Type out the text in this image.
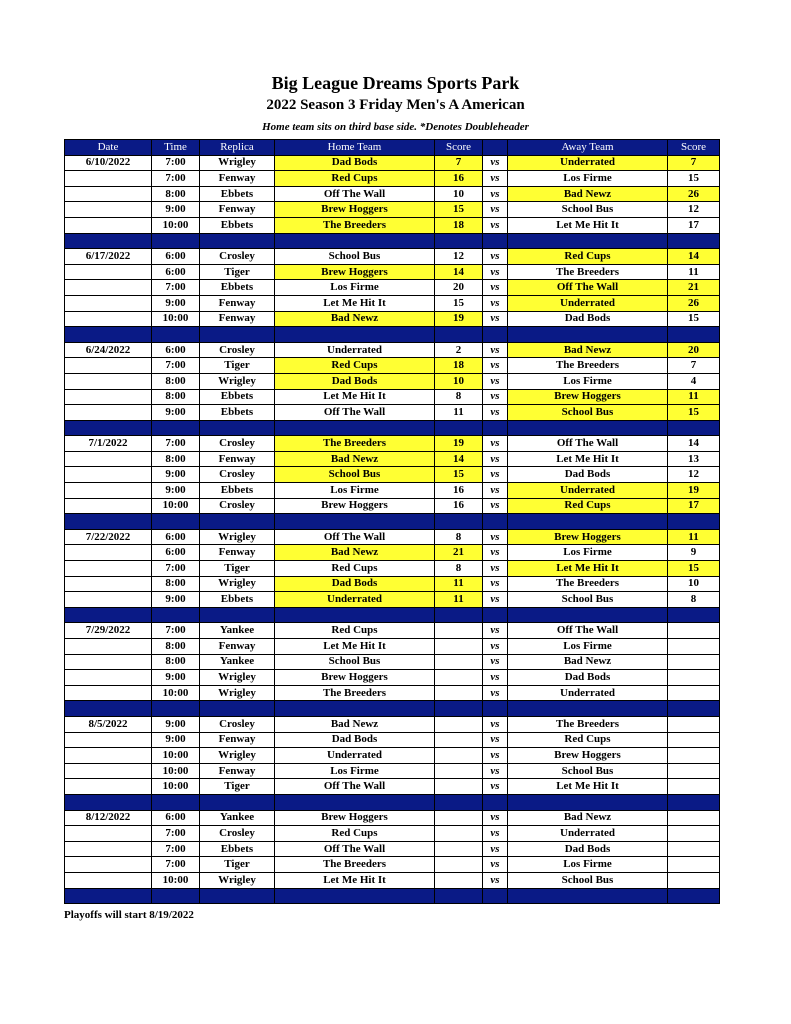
Big League Dreams Sports Park
2022 Season 3 Friday Men's A American
Home team sits on third base side. *Denotes Doubleheader
Date	Time	Replica	Home Team	Score		Away Team	Score
6/10/2022	7:00	Wrigley	Dad Bods	7	vs	Underrated	7
	7:00	Fenway	Red Cups	16	vs	Los Firme	15
	8:00	Ebbets	Off The Wall	10	vs	Bad Newz	26
	9:00	Fenway	Brew Hoggers	15	vs	School Bus	12
	10:00	Ebbets	The Breeders	18	vs	Let Me Hit It	17

6/17/2022	6:00	Crosley	School Bus	12	vs	Red Cups	14
	6:00	Tiger	Brew Hoggers	14	vs	The Breeders	11
	7:00	Ebbets	Los Firme	20	vs	Off The Wall	21
	9:00	Fenway	Let Me Hit It	15	vs	Underrated	26
	10:00	Fenway	Bad Newz	19	vs	Dad Bods	15

6/24/2022	6:00	Crosley	Underrated	2	vs	Bad Newz	20
	7:00	Tiger	Red Cups	18	vs	The Breeders	7
	8:00	Wrigley	Dad Bods	10	vs	Los Firme	4
	8:00	Ebbets	Let Me Hit It	8	vs	Brew Hoggers	11
	9:00	Ebbets	Off The Wall	11	vs	School Bus	15

7/1/2022	7:00	Crosley	The Breeders	19	vs	Off The Wall	14
	8:00	Fenway	Bad Newz	14	vs	Let Me Hit It	13
	9:00	Crosley	School Bus	15	vs	Dad Bods	12
	9:00	Ebbets	Los Firme	16	vs	Underrated	19
	10:00	Crosley	Brew Hoggers	16	vs	Red Cups	17

7/22/2022	6:00	Wrigley	Off The Wall	8	vs	Brew Hoggers	11
	6:00	Fenway	Bad Newz	21	vs	Los Firme	9
	7:00	Tiger	Red Cups	8	vs	Let Me Hit It	15
	8:00	Wrigley	Dad Bods	11	vs	The Breeders	10
	9:00	Ebbets	Underrated	11	vs	School Bus	8

7/29/2022	7:00	Yankee	Red Cups		vs	Off The Wall	
	8:00	Fenway	Let Me Hit It		vs	Los Firme	
	8:00	Yankee	School Bus		vs	Bad Newz	
	9:00	Wrigley	Brew Hoggers		vs	Dad Bods	
	10:00	Wrigley	The Breeders		vs	Underrated	

8/5/2022	9:00	Crosley	Bad Newz		vs	The Breeders	
	9:00	Fenway	Dad Bods		vs	Red Cups	
	10:00	Wrigley	Underrated		vs	Brew Hoggers	
	10:00	Fenway	Los Firme		vs	School Bus	
	10:00	Tiger	Off The Wall		vs	Let Me Hit It	

8/12/2022	6:00	Yankee	Brew Hoggers		vs	Bad Newz	
	7:00	Crosley	Red Cups		vs	Underrated	
	7:00	Ebbets	Off The Wall		vs	Dad Bods	
	7:00	Tiger	The Breeders		vs	Los Firme	
	10:00	Wrigley	Let Me Hit It		vs	School Bus	

Playoffs will start 8/19/2022
